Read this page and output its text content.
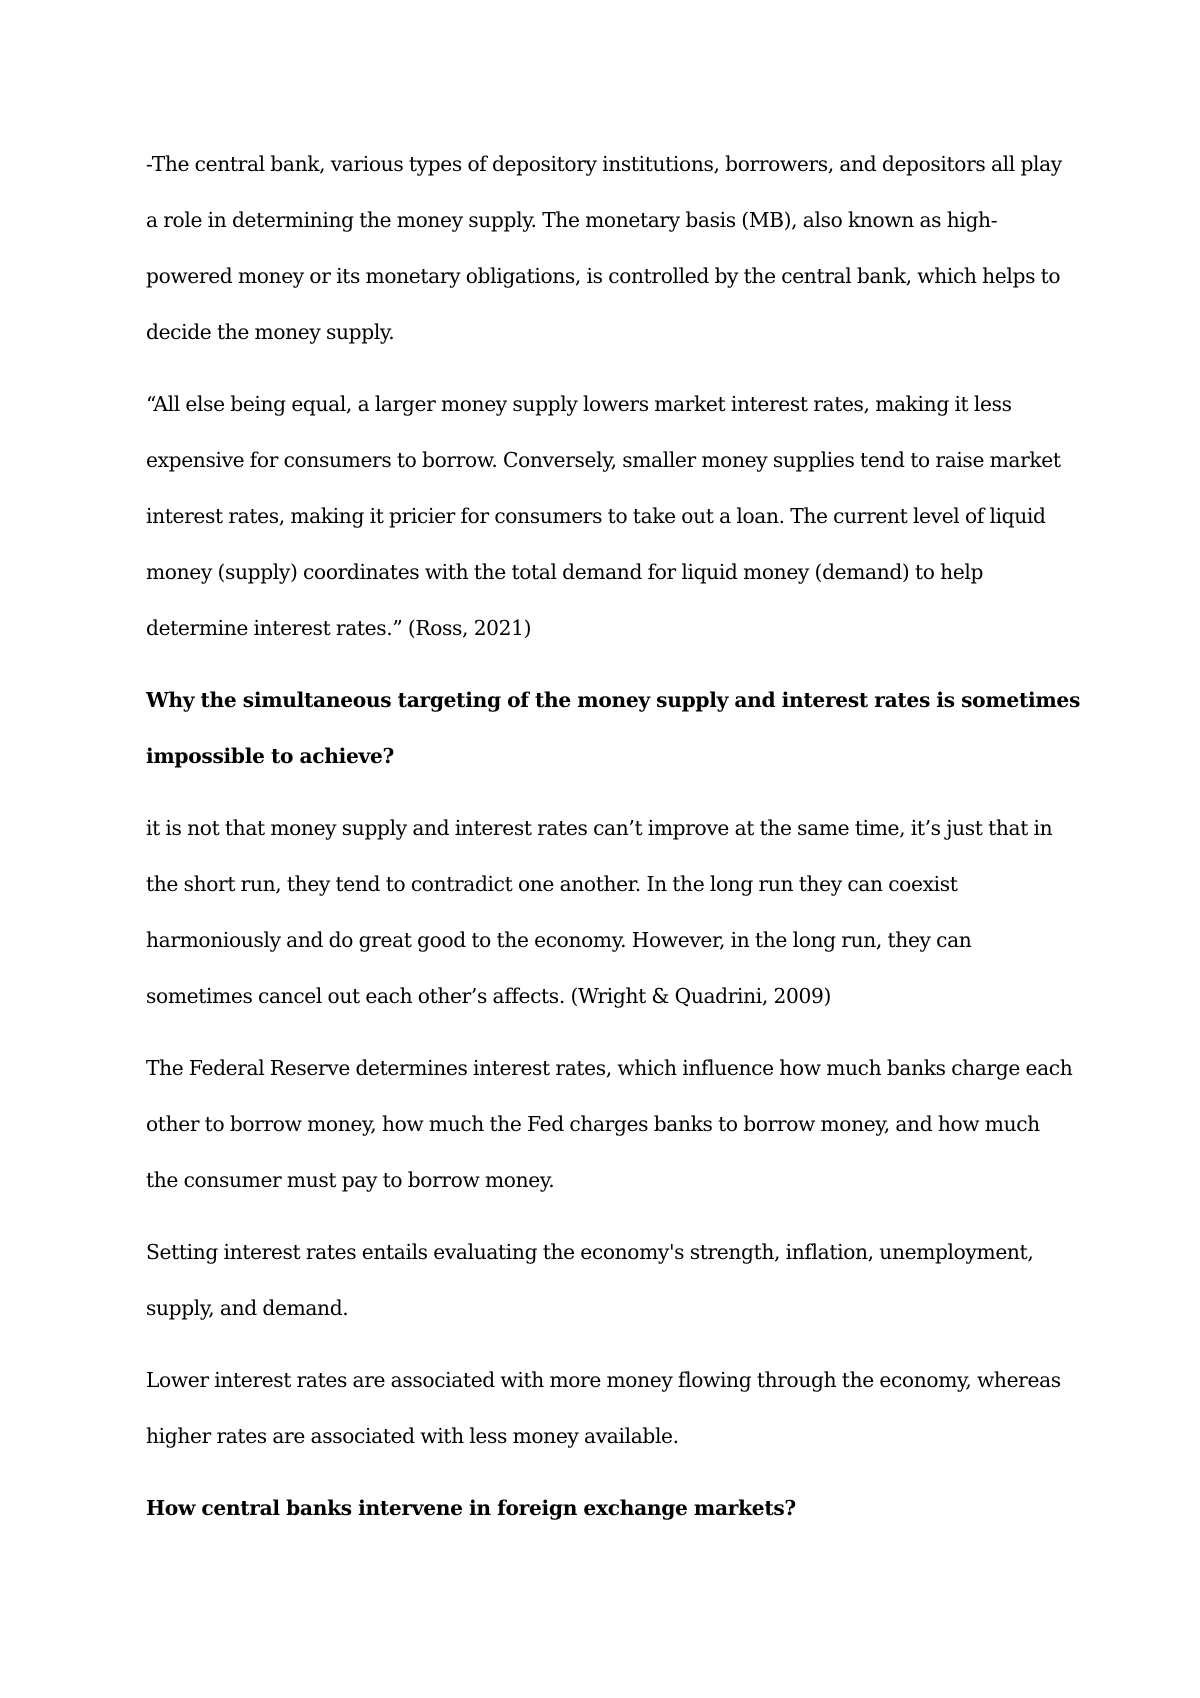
-The central bank, various types of depository institutions, borrowers, and depositors all play
a role in determining the money supply. The monetary basis (MB), also known as high-
powered money or its monetary obligations, is controlled by the central bank, which helps to
decide the money supply.

“All else being equal, a larger money supply lowers market interest rates, making it less
expensive for consumers to borrow. Conversely, smaller money supplies tend to raise market
interest rates, making it pricier for consumers to take out a loan. The current level of liquid
money (supply) coordinates with the total demand for liquid money (demand) to help
determine interest rates.” (Ross, 2021)

Why the simultaneous targeting of the money supply and interest rates is sometimes
impossible to achieve?

it is not that money supply and interest rates can’t improve at the same time, it’s just that in
the short run, they tend to contradict one another. In the long run they can coexist
harmoniously and do great good to the economy. However, in the long run, they can
sometimes cancel out each other’s affects. (Wright & Quadrini, 2009)

The Federal Reserve determines interest rates, which influence how much banks charge each
other to borrow money, how much the Fed charges banks to borrow money, and how much
the consumer must pay to borrow money.

Setting interest rates entails evaluating the economy's strength, inflation, unemployment,
supply, and demand.

Lower interest rates are associated with more money flowing through the economy, whereas
higher rates are associated with less money available.

How central banks intervene in foreign exchange markets?
